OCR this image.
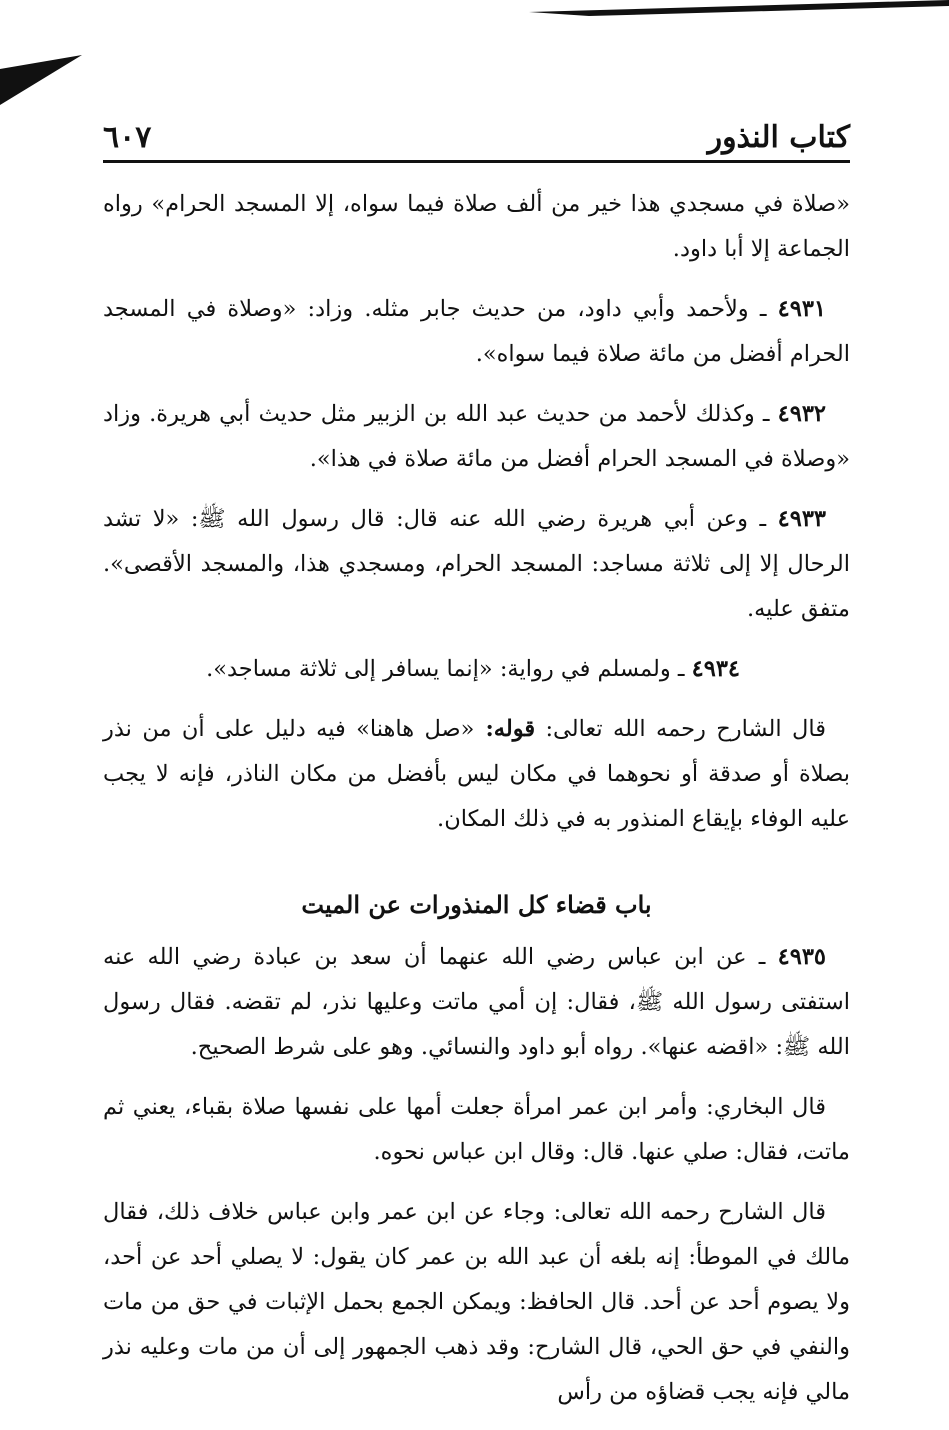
كتاب النذور
٦٠٧

«صلاة في مسجدي هذا خير من ألف صلاة فيما سواه، إلا المسجد الحرام» رواه الجماعة إلا أبا داود.

٤٩٣١ ـ ولأحمد وأبي داود، من حديث جابر مثله. وزاد: «وصلاة في المسجد الحرام أفضل من مائة صلاة فيما سواه».

٤٩٣٢ ـ وكذلك لأحمد من حديث عبد الله بن الزبير مثل حديث أبي هريرة. وزاد «وصلاة في المسجد الحرام أفضل من مائة صلاة في هذا».

٤٩٣٣ ـ وعن أبي هريرة رضي الله عنه قال: قال رسول الله ﷺ: «لا تشد الرحال إلا إلى ثلاثة مساجد: المسجد الحرام، ومسجدي هذا، والمسجد الأقصى». متفق عليه.

٤٩٣٤ ـ ولمسلم في رواية: «إنما يسافر إلى ثلاثة مساجد».

قال الشارح رحمه الله تعالى: قوله: «صل هاهنا» فيه دليل على أن من نذر بصلاة أو صدقة أو نحوهما في مكان ليس بأفضل من مكان الناذر، فإنه لا يجب عليه الوفاء بإيقاع المنذور به في ذلك المكان.

باب قضاء كل المنذورات عن الميت

٤٩٣٥ ـ عن ابن عباس رضي الله عنهما أن سعد بن عبادة رضي الله عنه استفتى رسول الله ﷺ، فقال: إن أمي ماتت وعليها نذر، لم تقضه. فقال رسول الله ﷺ: «اقضه عنها». رواه أبو داود والنسائي. وهو على شرط الصحيح.

قال البخاري: وأمر ابن عمر امرأة جعلت أمها على نفسها صلاة بقباء، يعني ثم ماتت، فقال: صلي عنها. قال: وقال ابن عباس نحوه.

قال الشارح رحمه الله تعالى: وجاء عن ابن عمر وابن عباس خلاف ذلك، فقال مالك في الموطأ: إنه بلغه أن عبد الله بن عمر كان يقول: لا يصلي أحد عن أحد، ولا يصوم أحد عن أحد. قال الحافظ: ويمكن الجمع بحمل الإثبات في حق من مات والنفي في حق الحي، قال الشارح: وقد ذهب الجمهور إلى أن من مات وعليه نذر مالي فإنه يجب قضاؤه من رأس
